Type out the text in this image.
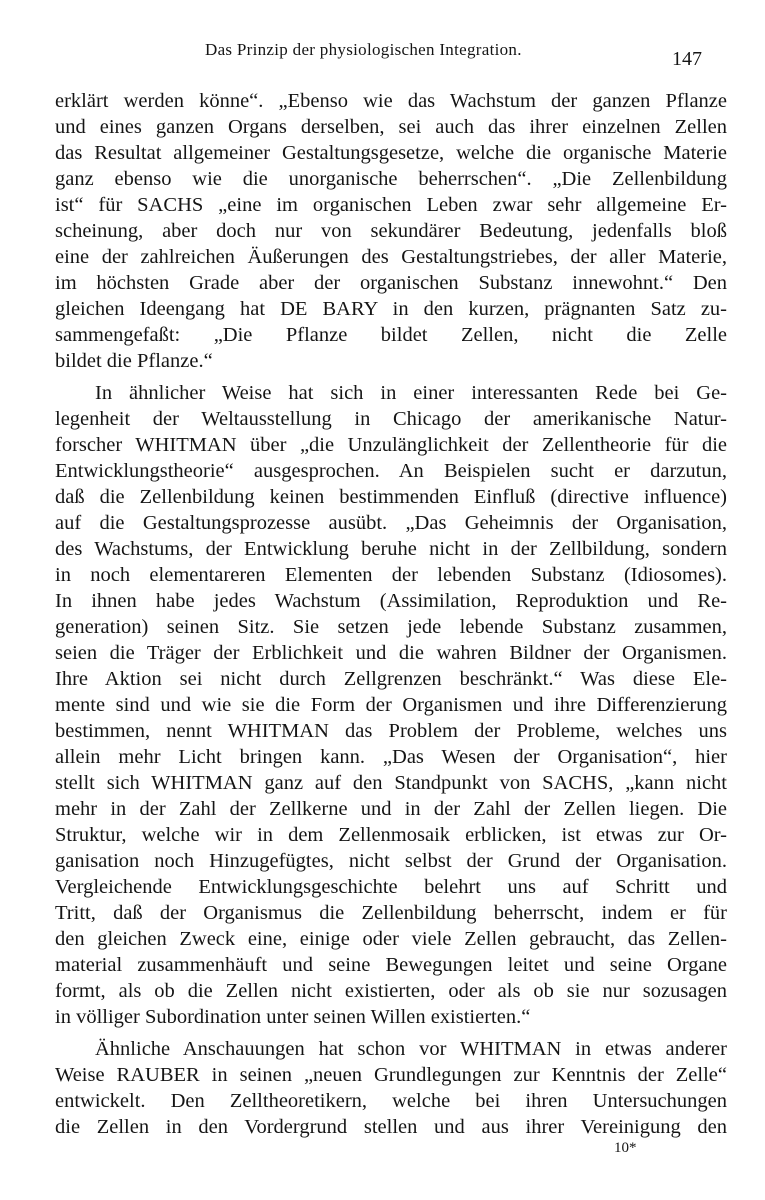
Das Prinzip der physiologischen Integration.	147
erklärt werden könne“. „Ebenso wie das Wachstum der ganzen Pflanze
und eines ganzen Organs derselben, sei auch das ihrer einzelnen Zellen
das Resultat allgemeiner Gestaltungsgesetze, welche die organische Materie
ganz ebenso wie die unorganische beherrschen“. „Die Zellenbildung
ist“ für SACHS „eine im organischen Leben zwar sehr allgemeine Er-
scheinung, aber doch nur von sekundärer Bedeutung, jedenfalls bloß
eine der zahlreichen Äußerungen des Gestaltungstriebes, der aller Materie,
im höchsten Grade aber der organischen Substanz innewohnt.“ Den
gleichen Ideengang hat DE BARY in den kurzen, prägnanten Satz zu-
sammengefaßt: „Die Pflanze bildet Zellen, nicht die Zelle
bildet die Pflanze.“
In ähnlicher Weise hat sich in einer interessanten Rede bei Ge-
legenheit der Weltausstellung in Chicago der amerikanische Natur-
forscher WHITMAN über „die Unzulänglichkeit der Zellentheorie für die
Entwicklungstheorie“ ausgesprochen. An Beispielen sucht er darzutun,
daß die Zellenbildung keinen bestimmenden Einfluß (directive influence)
auf die Gestaltungsprozesse ausübt. „Das Geheimnis der Organisation,
des Wachstums, der Entwicklung beruhe nicht in der Zellbildung, sondern
in noch elementareren Elementen der lebenden Substanz (Idiosomes).
In ihnen habe jedes Wachstum (Assimilation, Reproduktion und Re-
generation) seinen Sitz. Sie setzen jede lebende Substanz zusammen,
seien die Träger der Erblichkeit und die wahren Bildner der Organismen.
Ihre Aktion sei nicht durch Zellgrenzen beschränkt.“ Was diese Ele-
mente sind und wie sie die Form der Organismen und ihre Differenzierung
bestimmen, nennt WHITMAN das Problem der Probleme, welches uns
allein mehr Licht bringen kann. „Das Wesen der Organisation“, hier
stellt sich WHITMAN ganz auf den Standpunkt von SACHS, „kann nicht
mehr in der Zahl der Zellkerne und in der Zahl der Zellen liegen. Die
Struktur, welche wir in dem Zellenmosaik erblicken, ist etwas zur Or-
ganisation noch Hinzugefügtes, nicht selbst der Grund der Organisation.
Vergleichende Entwicklungsgeschichte belehrt uns auf Schritt und
Tritt, daß der Organismus die Zellenbildung beherrscht, indem er für
den gleichen Zweck eine, einige oder viele Zellen gebraucht, das Zellen-
material zusammenhäuft und seine Bewegungen leitet und seine Organe
formt, als ob die Zellen nicht existierten, oder als ob sie nur sozusagen
in völliger Subordination unter seinen Willen existierten.“
Ähnliche Anschauungen hat schon vor WHITMAN in etwas anderer
Weise RAUBER in seinen „neuen Grundlegungen zur Kenntnis der Zelle“
entwickelt. Den Zelltheoretikern, welche bei ihren Untersuchungen
die Zellen in den Vordergrund stellen und aus ihrer Vereinigung den
10*
